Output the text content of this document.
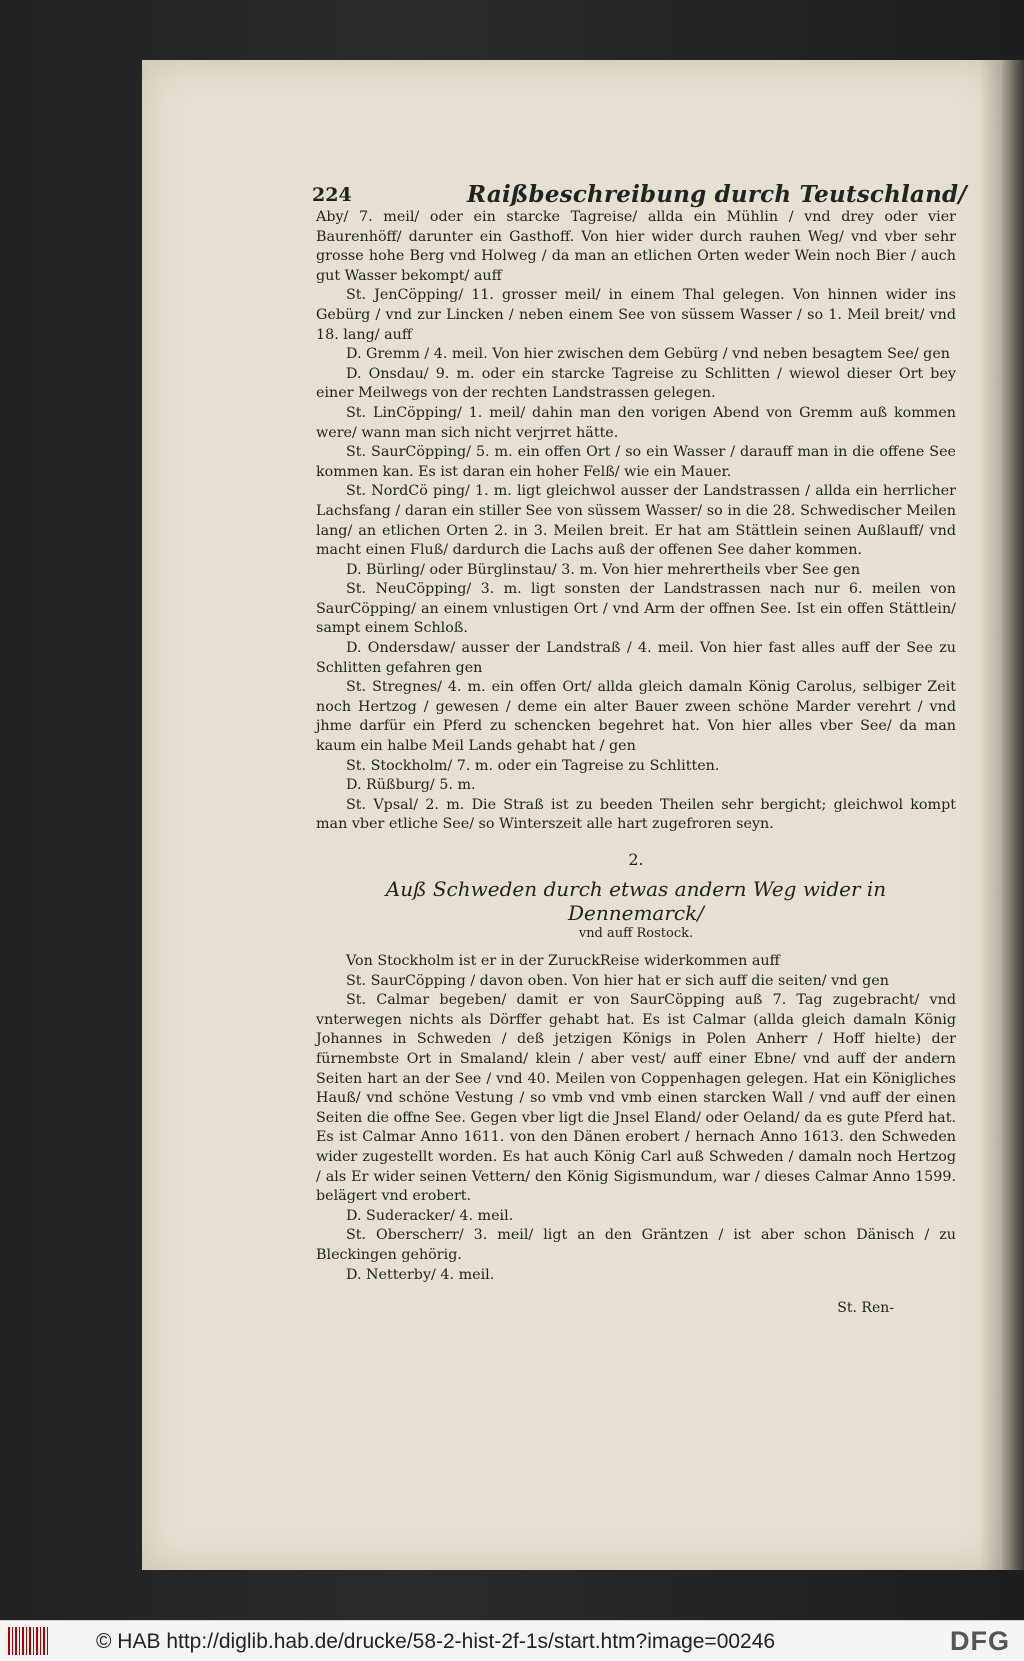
224	Raißbeschreibung durch Teutschland/

Aby/ 7. meil/ oder ein starcke Tagreise/ allda ein Mühlin / vnd drey oder vier Baurenhöff/ darunter ein Gasthoff. Von hier wider durch rauhen Weg/ vnd vber sehr grosse hohe Berg vnd Holweg / da man an etlichen Orten weder Wein noch Bier / auch gut Wasser bekompt/ auff

St. JenCöpping/ 11. grosser meil/ in einem Thal gelegen. Von hinnen wider ins Gebürg / vnd zur Lincken / neben einem See von süssem Wasser / so 1. Meil breit/ vnd 18. lang/ auff

D. Gremm / 4. meil. Von hier zwischen dem Gebürg / vnd neben besagtem See/ gen

D. Onsdau/ 9. m. oder ein starcke Tagreise zu Schlitten / wiewol dieser Ort bey einer Meilwegs von der rechten Landstrassen gelegen.

St. LinCöpping/ 1. meil/ dahin man den vorigen Abend von Gremm auß kommen were/ wann man sich nicht verjrret hätte.

St. SaurCöpping/ 5. m. ein offen Ort / so ein Wasser / darauff man in die offene See kommen kan. Es ist daran ein hoher Felß/ wie ein Mauer.

St. NordCö ping/ 1. m. ligt gleichwol ausser der Landstrassen / allda ein herrlicher Lachsfang / daran ein stiller See von süssem Wasser/ so in die 28. Schwedischer Meilen lang/ an etlichen Orten 2. in 3. Meilen breit. Er hat am Stättlein seinen Außlauff/ vnd macht einen Fluß/ dardurch die Lachs auß der offenen See daher kommen.

D. Bürling/ oder Bürglinstau/ 3. m. Von hier mehrertheils vber See gen

St. NeuCöpping/ 3. m. ligt sonsten der Landstrassen nach nur 6. meilen von SaurCöpping/ an einem vnlustigen Ort / vnd Arm der offnen See. Ist ein offen Stättlein/ sampt einem Schloß.

D. Ondersdaw/ ausser der Landstraß / 4. meil. Von hier fast alles auff der See zu Schlitten gefahren gen

St. Stregnes/ 4. m. ein offen Ort/ allda gleich damaln König Carolus, selbiger Zeit noch Hertzog / gewesen / deme ein alter Bauer zween schöne Marder verehrt / vnd jhme darfür ein Pferd zu schencken begehret hat. Von hier alles vber See/ da man kaum ein halbe Meil Lands gehabt hat / gen

St. Stockholm/ 7. m. oder ein Tagreise zu Schlitten.

D. Rüßburg/ 5. m.

St. Vpsal/ 2. m. Die Straß ist zu beeden Theilen sehr bergicht; gleichwol kompt man vber etliche See/ so Winterszeit alle hart zugefroren seyn.

2.
Auß Schweden durch etwas andern Weg wider in Dennemarck/
vnd auff Rostock.

Von Stockholm ist er in der ZuruckReise widerkommen auff

St. SaurCöpping / davon oben. Von hier hat er sich auff die seiten/ vnd gen

St. Calmar begeben/ damit er von SaurCöpping auß 7. Tag zugebracht/ vnd vnterwegen nichts als Dörffer gehabt hat. Es ist Calmar (allda gleich damaln König Johannes in Schweden / deß jetzigen Königs in Polen Anherr / Hoff hielte) der fürnembste Ort in Smaland/ klein / aber vest/ auff einer Ebne/ vnd auff der andern Seiten hart an der See / vnd 40. Meilen von Coppenhagen gelegen. Hat ein Königliches Hauß/ vnd schöne Vestung / so vmb vnd vmb einen starcken Wall / vnd auff der einen Seiten die offne See. Gegen vber ligt die Jnsel Eland/ oder Oeland/ da es gute Pferd hat. Es ist Calmar Anno 1611. von den Dänen erobert / hernach Anno 1613. den Schweden wider zugestellt worden. Es hat auch König Carl auß Schweden / damaln noch Hertzog / als Er wider seinen Vettern/ den König Sigismundum, war / dieses Calmar Anno 1599. belägert vnd erobert.

D. Suderacker/ 4. meil.

St. Oberscherr/ 3. meil/ ligt an den Gräntzen / ist aber schon Dänisch / zu Bleckingen gehörig.

D. Netterby/ 4. meil.

St. Ren-
© HAB http://diglib.hab.de/drucke/58-2-hist-2f-1s/start.htm?image=00246	DFG
